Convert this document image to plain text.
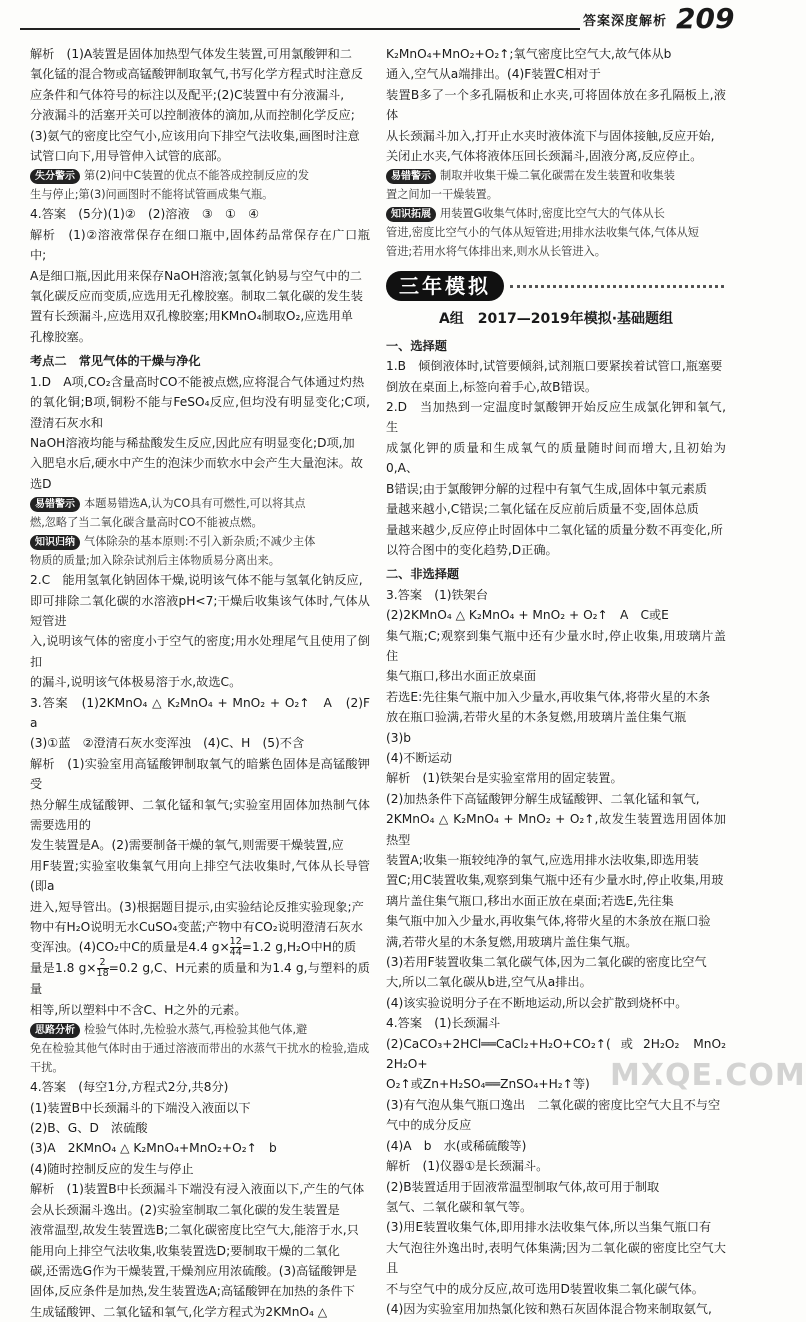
答案深度解析 209

解析　(1)A装置是固体加热型气体发生装置,可用氯酸钾和二

氧化锰的混合物或高锰酸钾制取氧气,书写化学方程式时注意反

应条件和气体符号的标注以及配平;(2)C装置中有分液漏斗,

分液漏斗的活塞开关可以控制液体的滴加,从而控制化学反应;

(3)氨气的密度比空气小,应该用向下排空气法收集,画图时注意

试管口向下,用导管伸入试管的底部。

失分警示 第(2)问中C装置的优点不能答成控制反应的发

生与停止;第(3)问画图时不能将试管画成集气瓶。

4.答案　(5分)(1)②　(2)溶液　③　①　④

解析　(1)②溶液常保存在细口瓶中,固体药品常保存在广口瓶中;

A是细口瓶,因此用来保存NaOH溶液;氢氧化钠易与空气中的二

氧化碳反应而变质,应选用无孔橡胶塞。制取二氧化碳的发生装

置有长颈漏斗,应选用双孔橡胶塞;用KMnO₄制取O₂,应选用单

孔橡胶塞。

考点二　常见气体的干燥与净化

1.D　A项,CO₂含量高时CO不能被点燃,应将混合气体通过灼热

的氧化铜;B项,铜粉不能与FeSO₄反应,但均没有明显变化;C项,澄清石灰水和

NaOH溶液均能与稀盐酸发生反应,因此应有明显变化;D项,加

入肥皂水后,硬水中产生的泡沫少而软水中会产生大量泡沫。故

选D

易错警示 本题易错选A,认为CO具有可燃性,可以将其点

燃,忽略了当二氧化碳含量高时CO不能被点燃。

知识归纳 气体除杂的基本原则:不引入新杂质;不减少主体

物质的质量;加入除杂试剂后主体物质易分离出来。

2.C　能用氢氧化钠固体干燥,说明该气体不能与氢氧化钠反应,

即可排除二氧化碳的水溶液pH<7;干燥后收集该气体时,气体从短管进

入,说明该气体的密度小于空气的密度;用水处理尾气且使用了倒扣

的漏斗,说明该气体极易溶于水,故选C。

3.答案　(1)2KMnO₄ △ K₂MnO₄ + MnO₂ + O₂↑　A　(2)F　a

(3)①蓝　②澄清石灰水变浑浊　(4)C、H　(5)不含

解析　(1)实验室用高锰酸钾制取氧气的暗紫色固体是高锰酸钾受

热分解生成锰酸钾、二氧化锰和氧气;实验室用固体加热制气体需要选用的

发生装置是A。(2)需要制备干燥的氧气,则需要干燥装置,应

用F装置;实验室收集氧气用向上排空气法收集时,气体从长导管(即a

进入,短导管出。(3)根据题目提示,由实验结论反推实验现象;产

物中有H₂O说明无水CuSO₄变蓝;产物中有CO₂说明澄清石灰水

变浑浊。(4)CO₂中C的质量是4.4 $g\times \frac{12}{44} =1.2$ g,H₂O中H的质

量是1.8 $g\times \frac{2}{18} =0.2$ g,C、H元素的质量和为1.4 g,与塑料的质量

相等,所以塑料中不含C、H之外的元素。

思路分析 检验气体时,先检验水蒸气,再检验其他气体,避

免在检验其他气体时由于通过溶液而带出的水蒸气干扰水的检验,造成

干扰。

4.答案　(每空1分,方程式2分,共8分)

(1)装置B中长颈漏斗的下端没入液面以下

(2)B、G、D　浓硫酸

(3)A　2KMnO₄ △ K₂MnO₄+MnO₂+O₂↑　b

(4)随时控制反应的发生与停止

解析　(1)装置B中长颈漏斗下端没有浸入液面以下,产生的气体

会从长颈漏斗逸出。(2)实验室制取二氧化碳的发生装置是

液常温型,故发生装置选B;二氧化碳密度比空气大,能溶于水,只

能用向上排空气法收集,收集装置选D;要制取干燥的二氧化

碳,还需选G作为干燥装置,干燥剂应用浓硫酸。(3)高锰酸钾是

固体,反应条件是加热,发生装置选A;高锰酸钾在加热的条件下

生成锰酸钾、二氧化锰和氧气,化学方程式为2KMnO₄ △

K₂MnO₄+MnO₂+O₂↑;氧气密度比空气大,故气体从b

通入,空气从a端排出。(4)F装置C相对于

装置B多了一个多孔隔板和止水夹,可将固体放在多孔隔板上,液体

从长颈漏斗加入,打开止水夹时液体流下与固体接触,反应开始,

关闭止水夹,气体将液体压回长颈漏斗,固液分离,反应停止。

易错警示 制取并收集干燥二氧化碳需在发生装置和收集装

置之间加一干燥装置。

知识拓展 用装置G收集气体时,密度比空气大的气体从长

管进,密度比空气小的气体从短管进;用排水法收集气体,气体从短

管进;若用水将气体排出来,则水从长管进入。

三年模拟

A组　2017—2019年模拟·基础题组

一、选择题

1.B　倾倒液体时,试管要倾斜,试剂瓶口要紧挨着试管口,瓶塞要

倒放在桌面上,标签向着手心,故B错误。

2.D　当加热到一定温度时氯酸钾开始反应生成氯化钾和氧气,生

成氯化钾的质量和生成氧气的质量随时间而增大,且初始为0,A、

B错误;由于氯酸钾分解的过程中有氧气生成,固体中氧元素质

量越来越小,C错误;二氧化锰在反应前后质量不变,固体总质

量越来越少,反应停止时固体中二氧化锰的质量分数不再变化,所

以符合图中的变化趋势,D正确。

二、非选择题

3.答案　(1)铁架台

(2)2KMnO₄ △ K₂MnO₄ + MnO₂ + O₂↑　A　C或E

集气瓶;C;观察到集气瓶中还有少量水时,停止收集,用玻璃片盖住

集气瓶口,移出水面正放桌面

若选E:先往集气瓶中加入少量水,再收集气体,将带火星的木条

放在瓶口验满,若带火星的木条复燃,用玻璃片盖住集气瓶

(3)b

(4)不断运动

解析　(1)铁架台是实验室常用的固定装置。

(2)加热条件下高锰酸钾分解生成锰酸钾、二氧化锰和氧气,

2KMnO₄ △ K₂MnO₄ + MnO₂ + O₂↑,故发生装置选用固体加热型

装置A;收集一瓶较纯净的氧气,应选用排水法收集,即选用装

置C;用C装置收集,观察到集气瓶中还有少量水时,停止收集,用玻

璃片盖住集气瓶口,移出水面正放在桌面;若选E,先往集

集气瓶中加入少量水,再收集气体,将带火星的木条放在瓶口验

满,若带火星的木条复燃,用玻璃片盖住集气瓶。

(3)若用F装置收集二氧化碳气体,因为二氧化碳的密度比空气

大,所以二氧化碳从b进,空气从a排出。

(4)该实验说明分子在不断地运动,所以会扩散到烧杯中。

4.答案　(1)长颈漏斗

(2)CaCO₃+2HCl══CaCl₂+H₂O+CO₂↑(或2H₂O₂ MnO₂ 2H₂O+

O₂↑或Zn+H₂SO₄══ZnSO₄+H₂↑等)

(3)有气泡从集气瓶口逸出　二氧化碳的密度比空气大且不与空

气中的成分反应

(4)A　b　水(或稀硫酸等)

解析　(1)仪器①是长颈漏斗。

(2)B装置适用于固液常温型制取气体,故可用于制取

氢气、二氧化碳和氧气等。

(3)用E装置收集气体,即用排水法收集气体,所以当集气瓶口有

大气泡往外逸出时,表明气体集满;因为二氧化碳的密度比空气大且

不与空气中的成分反应,故可选用D装置收集二氧化碳气体。

(4)因为实验室用加热氯化铵和熟石灰固体混合物来制取氨气,

MXQE.COM
